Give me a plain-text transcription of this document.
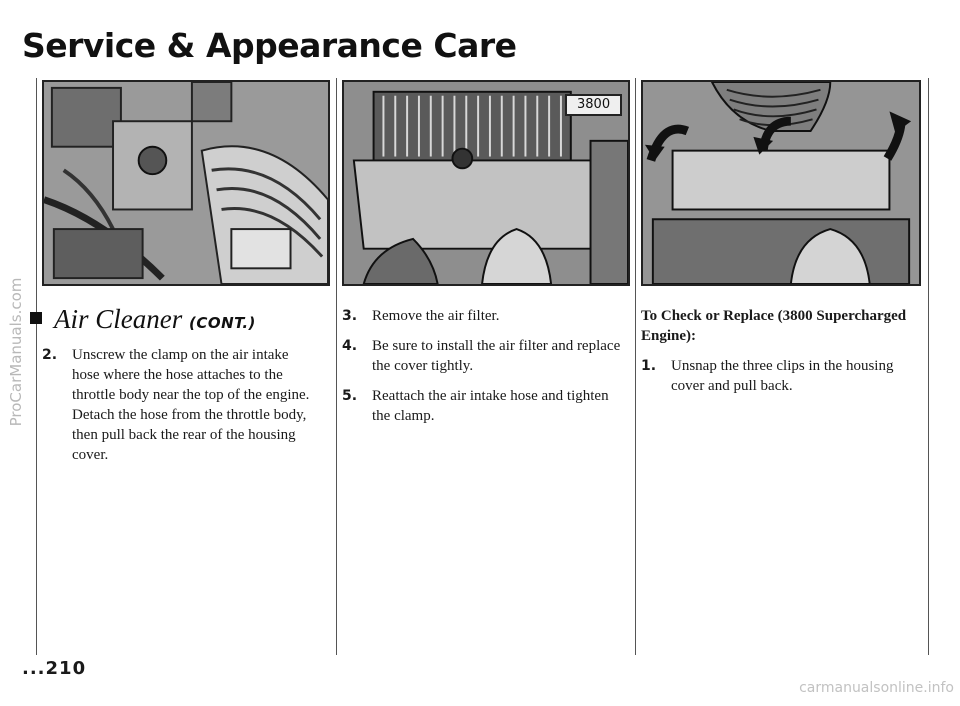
Service & Appearance Care
3800
Air Cleaner (CONT.)
2. Unscrew the clamp on the air intake hose where the hose attaches to the throttle body near the top of the engine. Detach the hose from the throttle body, then pull back the rear of the housing cover.
3. Remove the air filter.
4. Be sure to install the air filter and replace the cover tightly.
5. Reattach the air intake hose and tighten the clamp.
To Check or Replace (3800 Supercharged Engine):
1. Unsnap the three clips in the housing cover and pull back.
...210
ProCarManuals.com
carmanualsonline.info
